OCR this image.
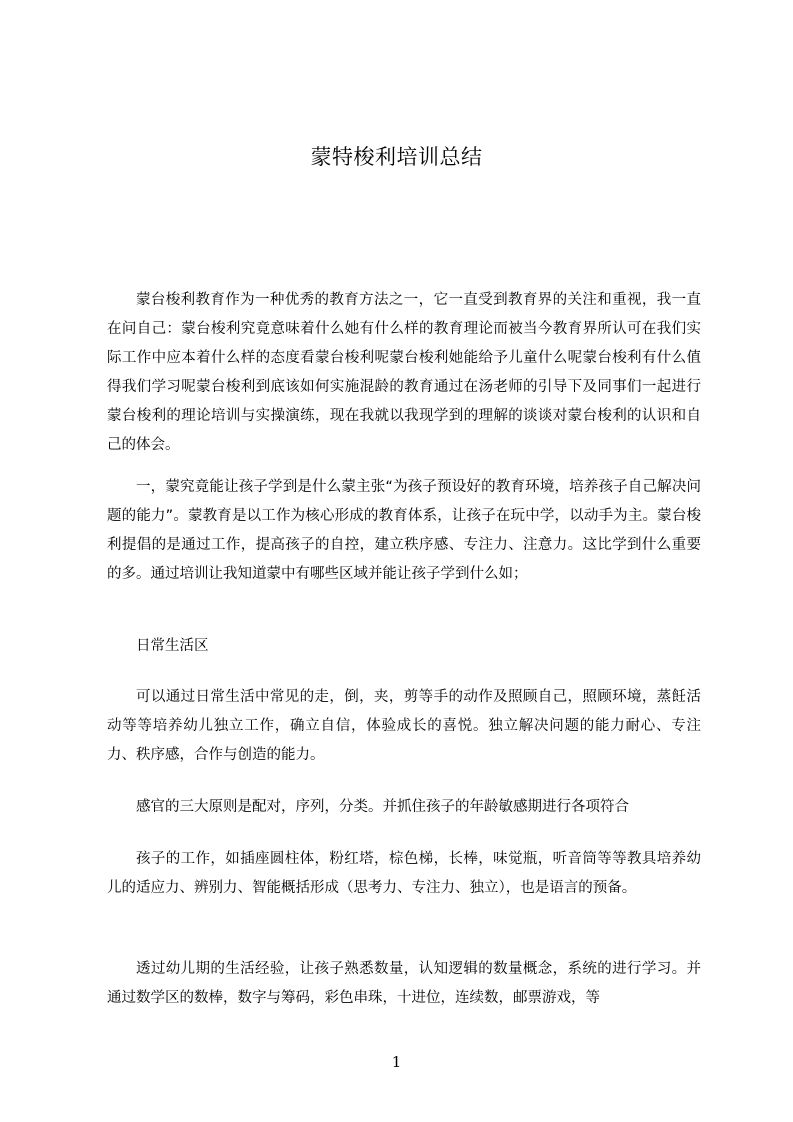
蒙特梭利培训总结

蒙台梭利教育作为一种优秀的教育方法之一，它一直受到教育界的关注和重视，我一直在问自己：蒙台梭利究竟意味着什么她有什么样的教育理论而被当今教育界所认可在我们实际工作中应本着什么样的态度看蒙台梭利呢蒙台梭利她能给予儿童什么呢蒙台梭利有什么值得我们学习呢蒙台梭利到底该如何实施混龄的教育通过在汤老师的引导下及同事们一起进行蒙台梭利的理论培训与实操演练，现在我就以我现学到的理解的谈谈对蒙台梭利的认识和自己的体会。

一，蒙究竟能让孩子学到是什么蒙主张“为孩子预设好的教育环境，培养孩子自己解决问题的能力”。蒙教育是以工作为核心形成的教育体系，让孩子在玩中学，以动手为主。蒙台梭利提倡的是通过工作，提高孩子的自控，建立秩序感、专注力、注意力。这比学到什么重要的多。通过培训让我知道蒙中有哪些区域并能让孩子学到什么如；

日常生活区

可以通过日常生活中常见的走，倒，夹，剪等手的动作及照顾自己，照顾环境，蒸飪活动等等培养幼儿独立工作，确立自信，体验成长的喜悦。独立解决问题的能力耐心、专注力、秩序感，合作与创造的能力。

感官的三大原则是配对，序列，分类。并抓住孩子的年龄敏感期进行各项符合

孩子的工作，如插座圆柱体，粉红塔，棕色梯，长棒，味觉瓶，听音筒等等教具培养幼儿的适应力、辨别力、智能概括形成（思考力、专注力、独立），也是语言的预备。

透过幼儿期的生活经验，让孩子熟悉数量，认知逻辑的数量概念，系统的进行学习。并通过数学区的数棒，数字与筹码，彩色串珠，十进位，连续数，邮票游戏，等

1
